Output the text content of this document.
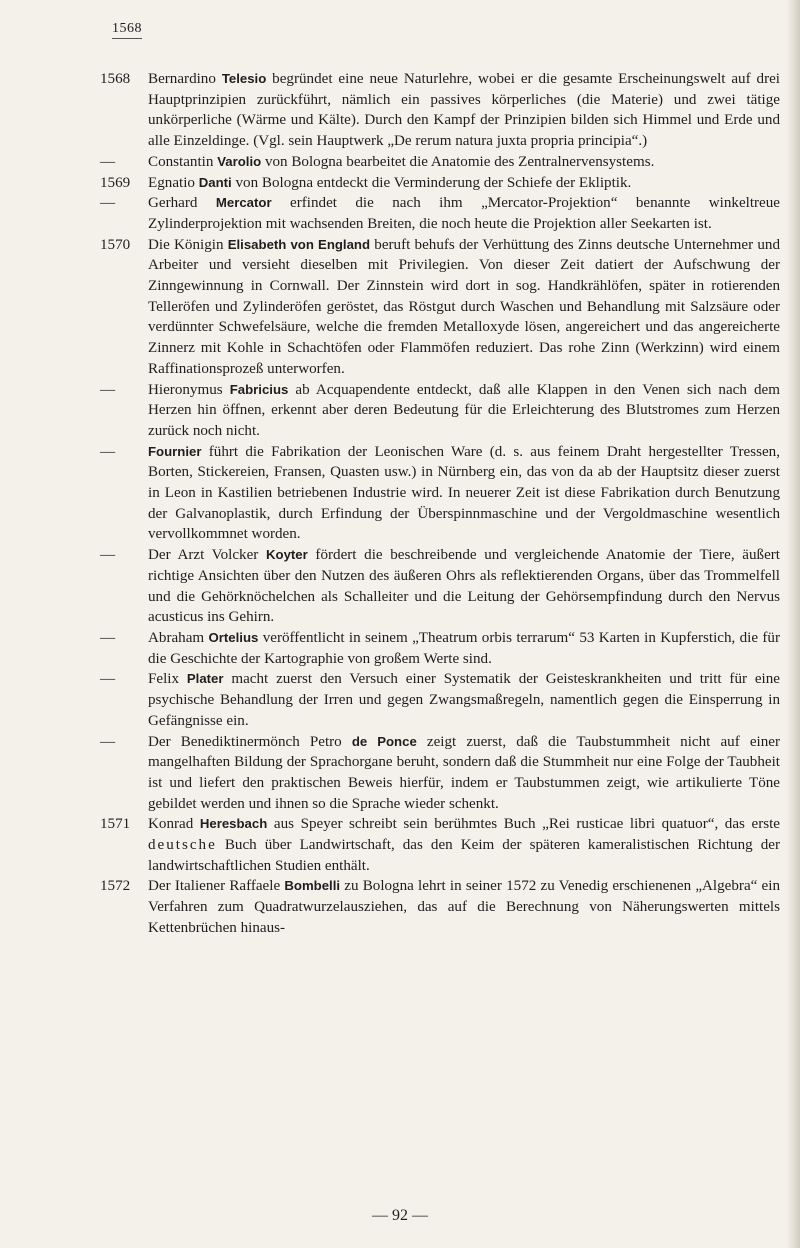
1568
1568	Bernardino Telesio begründet eine neue Naturlehre, wobei er die gesamte Erscheinungswelt auf drei Hauptprinzipien zurückführt, nämlich ein passives körperliches (die Materie) und zwei tätige unkörperliche (Wärme und Kälte). Durch den Kampf der Prinzipien bilden sich Himmel und Erde und alle Einzeldinge. (Vgl. sein Hauptwerk „De rerum natura juxta propria principia“.)
—	Constantin Varolio von Bologna bearbeitet die Anatomie des Zentralnervensystems.
1569	Egnatio Danti von Bologna entdeckt die Verminderung der Schiefe der Ekliptik.
—	Gerhard Mercator erfindet die nach ihm „Mercator-Projektion“ benannte winkeltreue Zylinderprojektion mit wachsenden Breiten, die noch heute die Projektion aller Seekarten ist.
1570	Die Königin Elisabeth von England beruft behufs der Verhüttung des Zinns deutsche Unternehmer und Arbeiter und versieht dieselben mit Privilegien. Von dieser Zeit datiert der Aufschwung der Zinngewinnung in Cornwall. Der Zinnstein wird dort in sog. Handkrählöfen, später in rotierenden Telleröfen und Zylinderöfen geröstet, das Röstgut durch Waschen und Behandlung mit Salzsäure oder verdünnter Schwefelsäure, welche die fremden Metalloxyde lösen, angereichert und das angereicherte Zinnerz mit Kohle in Schachtöfen oder Flammöfen reduziert. Das rohe Zinn (Werkzinn) wird einem Raffinationsprozeß unterworfen.
—	Hieronymus Fabricius ab Acquapendente entdeckt, daß alle Klappen in den Venen sich nach dem Herzen hin öffnen, erkennt aber deren Bedeutung für die Erleichterung des Blutstromes zum Herzen zurück noch nicht.
—	Fournier führt die Fabrikation der Leonischen Ware (d. s. aus feinem Draht hergestellter Tressen, Borten, Stickereien, Fransen, Quasten usw.) in Nürnberg ein, das von da ab der Hauptsitz dieser zuerst in Leon in Kastilien betriebenen Industrie wird. In neuerer Zeit ist diese Fabrikation durch Benutzung der Galvanoplastik, durch Erfindung der Überspinnmaschine und der Vergoldmaschine wesentlich vervollkommnet worden.
—	Der Arzt Volcker Koyter fördert die beschreibende und vergleichende Anatomie der Tiere, äußert richtige Ansichten über den Nutzen des äußeren Ohrs als reflektierenden Organs, über das Trommelfell und die Gehörknöchelchen als Schalleiter und die Leitung der Gehörsempfindung durch den Nervus acusticus ins Gehirn.
—	Abraham Ortelius veröffentlicht in seinem „Theatrum orbis terrarum“ 53 Karten in Kupferstich, die für die Geschichte der Kartographie von großem Werte sind.
—	Felix Plater macht zuerst den Versuch einer Systematik der Geisteskrankheiten und tritt für eine psychische Behandlung der Irren und gegen Zwangsmaßregeln, namentlich gegen die Einsperrung in Gefängnisse ein.
—	Der Benediktinermönch Petro de Ponce zeigt zuerst, daß die Taubstummheit nicht auf einer mangelhaften Bildung der Sprachorgane beruht, sondern daß die Stummheit nur eine Folge der Taubheit ist und liefert den praktischen Beweis hierfür, indem er Taubstummen zeigt, wie artikulierte Töne gebildet werden und ihnen so die Sprache wieder schenkt.
1571	Konrad Heresbach aus Speyer schreibt sein berühmtes Buch „Rei rusticae libri quatuor“, das erste deutsche Buch über Landwirtschaft, das den Keim der späteren kameralistischen Richtung der landwirtschaftlichen Studien enthält.
1572	Der Italiener Raffaele Bombelli zu Bologna lehrt in seiner 1572 zu Venedig erschienenen „Algebra“ ein Verfahren zum Quadratwurzelausziehen, das auf die Berechnung von Näherungswerten mittels Kettenbrüchen hinaus-
— 92 —
